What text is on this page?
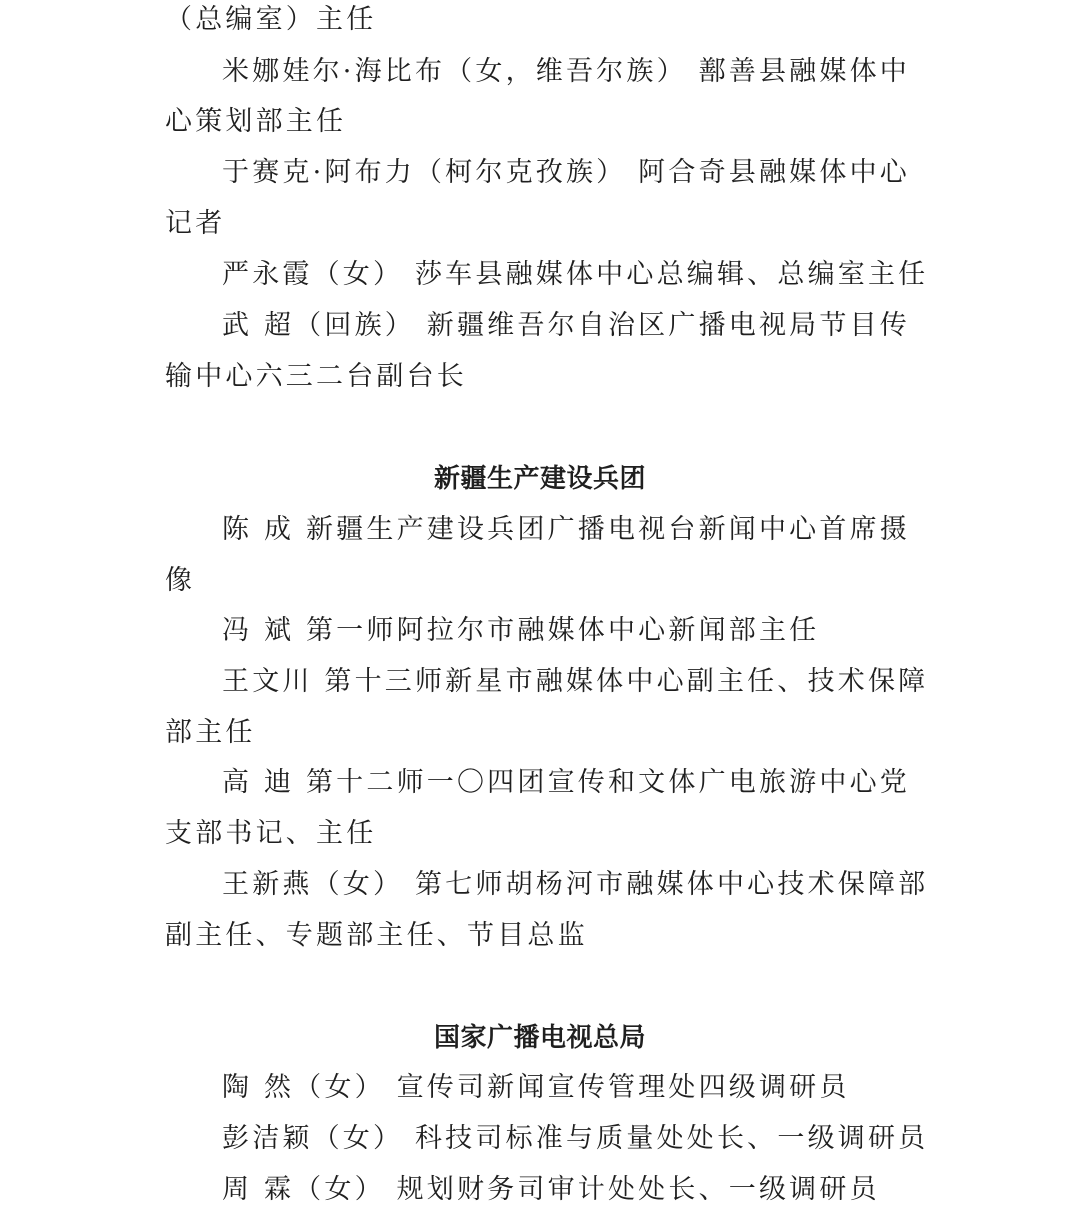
（总编室）主任
米娜娃尔·海比布（女，维吾尔族） 鄯善县融媒体中
心策划部主任
于赛克·阿布力（柯尔克孜族） 阿合奇县融媒体中心
记者
严永霞（女） 莎车县融媒体中心总编辑、总编室主任
武 超（回族） 新疆维吾尔自治区广播电视局节目传
输中心六三二台副台长
新疆生产建设兵团
陈 成 新疆生产建设兵团广播电视台新闻中心首席摄
像
冯 斌 第一师阿拉尔市融媒体中心新闻部主任
王文川 第十三师新星市融媒体中心副主任、技术保障
部主任
高 迪 第十二师一〇四团宣传和文体广电旅游中心党
支部书记、主任
王新燕（女） 第七师胡杨河市融媒体中心技术保障部
副主任、专题部主任、节目总监
国家广播电视总局
陶 然（女） 宣传司新闻宣传管理处四级调研员
彭洁颖（女） 科技司标准与质量处处长、一级调研员
周 霖（女） 规划财务司审计处处长、一级调研员
